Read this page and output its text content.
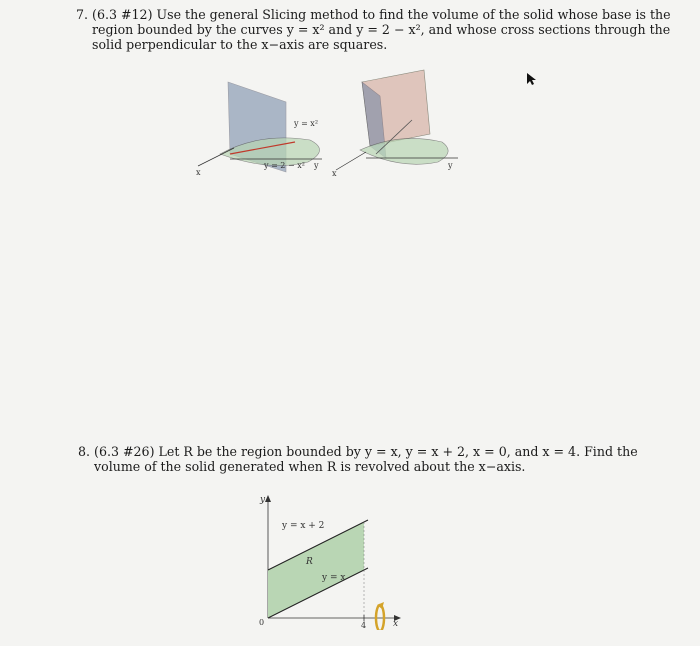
7. (6.3 #12) Use the general Slicing method to find the volume of the solid whose base is the
region bounded by the curves y = x² and y = 2 − x², and whose cross sections through the
solid perpendicular to the x−axis are squares.
y = x²
y = 2 − x² y
x	x
y
8. (6.3 #26) Let R be the region bounded by y = x, y = x + 2, x = 0, and x = 4. Find the
volume of the solid generated when R is revolved about the x−axis.
y
y = x + 2
R
y = x
0	4	x
